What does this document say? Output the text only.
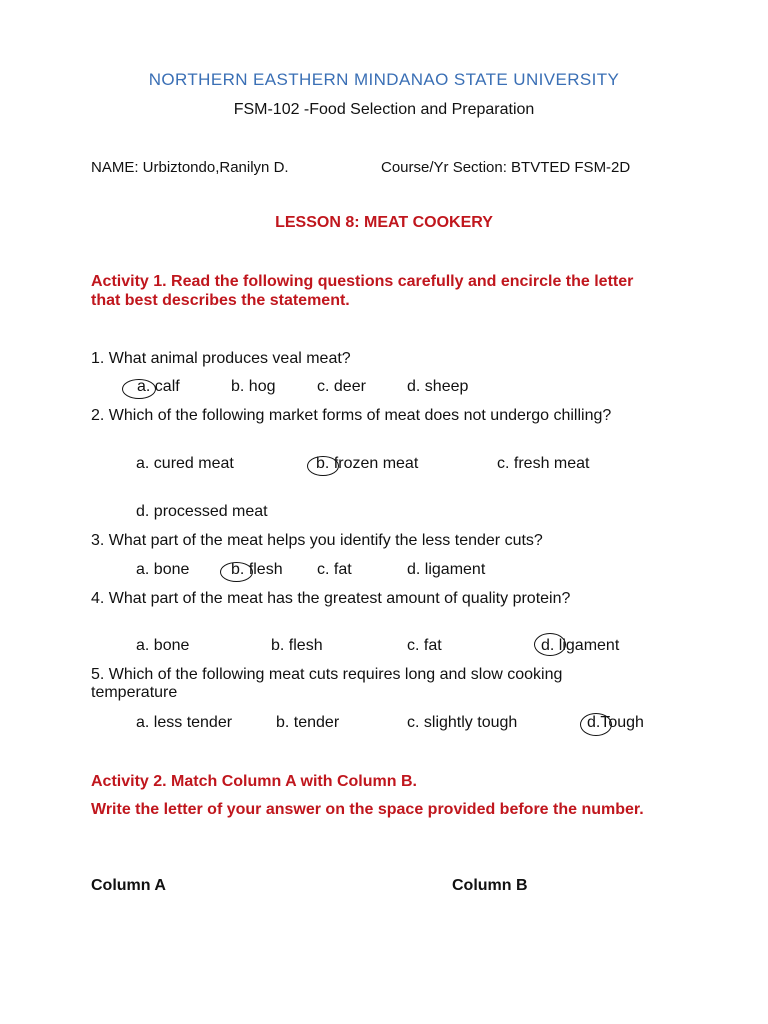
NORTHERN EASTHERN MINDANAO STATE UNIVERSITY
FSM-102 -Food Selection and Preparation
NAME: Urbiztondo,Ranilyn D.	Course/Yr Section: BTVTED FSM-2D
LESSON 8: MEAT COOKERY
Activity 1. Read the following questions carefully and encircle the letter that best describes the statement.
1. What animal produces veal meat?
a. calf	b. hog	c. deer	d. sheep
2. Which of the following market forms of meat does not undergo chilling?
a. cured meat	b. frozen meat	c. fresh meat
d. processed meat
3. What part of the meat helps you identify the less tender cuts?
a. bone	b. flesh c. fat	d. ligament
4. What part of the meat has the greatest amount of quality protein?
a. bone	b. flesh	c. fat	d. ligament
5. Which of the following meat cuts requires long and slow cooking temperature
a. less tender	b. tender	c. slightly tough	d.Tough
Activity 2. Match Column A with Column B.
Write the letter of your answer on the space provided before the number.
Column A	Column B
